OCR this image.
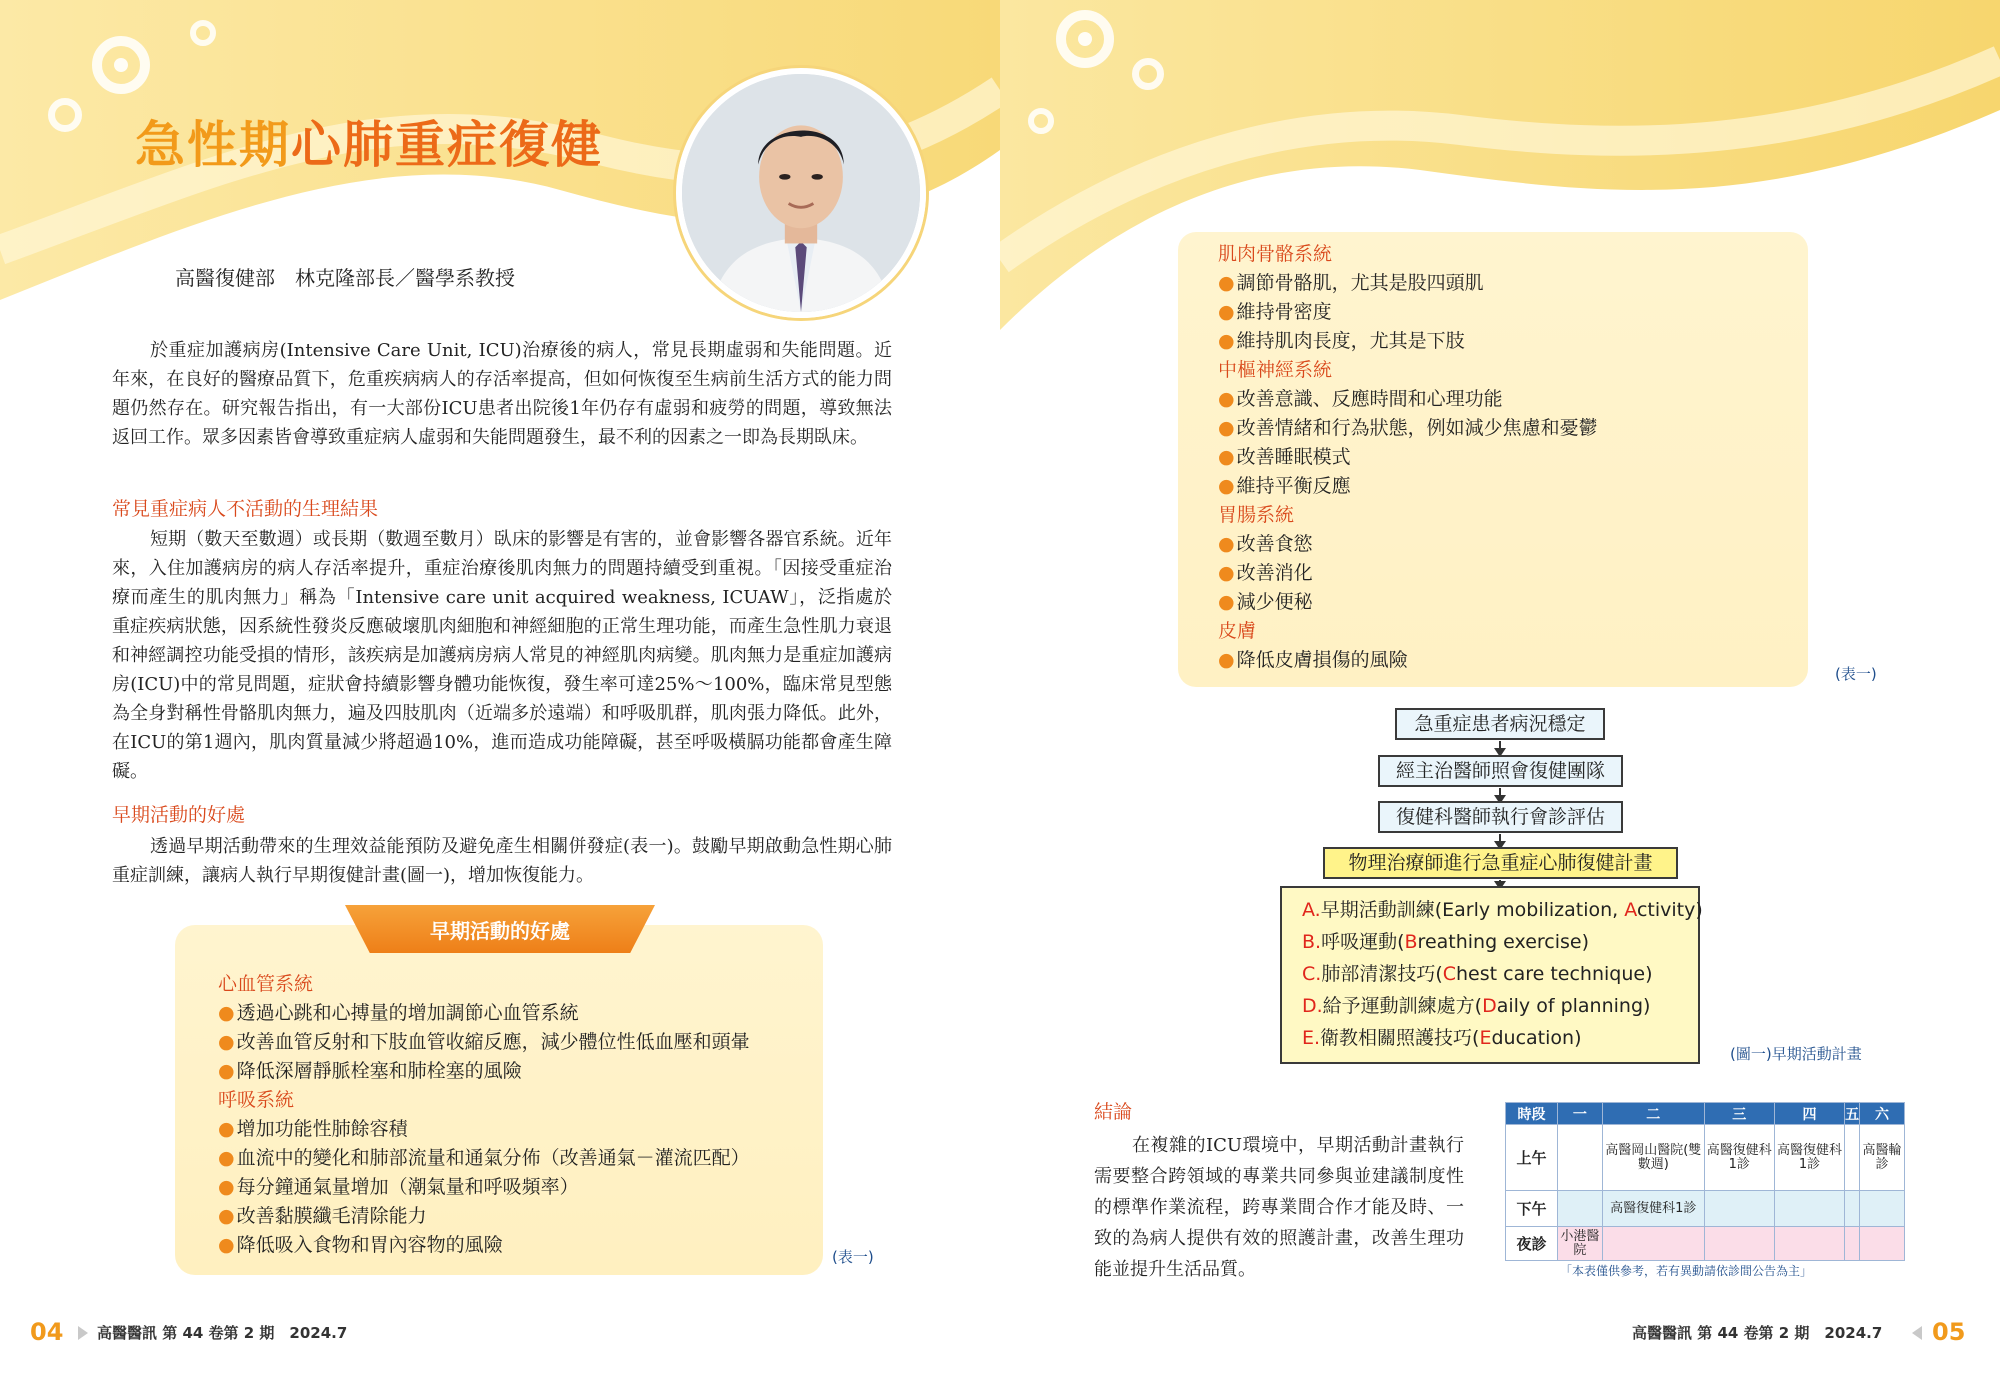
急性期心肺重症復健
高醫復健部　林克隆部長／醫學系教授

於重症加護病房(Intensive Care Unit, ICU)治療後的病人，常見長期虛弱和失能問題。近年來，在良好的醫療品質下，危重疾病病人的存活率提高，但如何恢復至生病前生活方式的能力問題仍然存在。研究報告指出，有一大部份ICU患者出院後1年仍存有虛弱和疲勞的問題，導致無法返回工作。眾多因素皆會導致重症病人虛弱和失能問題發生，最不利的因素之一即為長期臥床。

常見重症病人不活動的生理結果

短期（數天至數週）或長期（數週至數月）臥床的影響是有害的，並會影響各器官系統。近年來，入住加護病房的病人存活率提升，重症治療後肌肉無力的問題持續受到重視。「因接受重症治療而產生的肌肉無力」稱為「Intensive care unit acquired weakness, ICUAW」，泛指處於重症疾病狀態，因系統性發炎反應破壞肌肉細胞和神經細胞的正常生理功能，而產生急性肌力衰退和神經調控功能受損的情形，該疾病是加護病房病人常見的神經肌肉病變。肌肉無力是重症加護病房(ICU)中的常見問題，症狀會持續影響身體功能恢復，發生率可達25%～100%，臨床常見型態為全身對稱性骨骼肌肉無力，遍及四肢肌肉（近端多於遠端）和呼吸肌群，肌肉張力降低。此外，在ICU的第1週內，肌肉質量減少將超過10%，進而造成功能障礙，甚至呼吸橫膈功能都會產生障礙。

早期活動的好處

透過早期活動帶來的生理效益能預防及避免產生相關併發症(表一)。鼓勵早期啟動急性期心肺重症訓練，讓病人執行早期復健計畫(圖一)，增加恢復能力。

早期活動的好處
心血管系統
● 透過心跳和心搏量的增加調節心血管系統
● 改善血管反射和下肢血管收縮反應，減少體位性低血壓和頭暈
● 降低深層靜脈栓塞和肺栓塞的風險
呼吸系統
● 增加功能性肺餘容積
● 血流中的變化和肺部流量和通氣分佈（改善通氣－灌流匹配）
● 每分鐘通氣量增加（潮氣量和呼吸頻率）
● 改善黏膜纖毛清除能力
● 降低吸入食物和胃內容物的風險
(表一)
04 高醫醫訊 第 44 卷第 2 期　2024.7
肌肉骨骼系統
● 調節骨骼肌，尤其是股四頭肌
● 維持骨密度
● 維持肌肉長度，尤其是下肢
中樞神經系統
● 改善意識、反應時間和心理功能
● 改善情緒和行為狀態，例如減少焦慮和憂鬱
● 改善睡眠模式
● 維持平衡反應
胃腸系統
● 改善食慾
● 改善消化
● 減少便秘
皮膚
● 降低皮膚損傷的風險
(表一)
急重症患者病況穩定
經主治醫師照會復健團隊
復健科醫師執行會診評估
物理治療師進行急重症心肺復健計畫
A.早期活動訓練(Early mobilization, Activity)
B.呼吸運動(Breathing exercise)
C.肺部清潔技巧(Chest care technique)
D.給予運動訓練處方(Daily of planning)
E.衛教相關照護技巧(Education)
(圖一)早期活動計畫
結論

在複雜的ICU環境中，早期活動計畫執行需要整合跨領域的專業共同參與並建議制度性的標準作業流程，跨專業間合作才能及時、一致的為病人提供有效的照護計畫，改善生理功能並提升生活品質。

時段	一	二	三	四	五	六
上午		高醫岡山醫院(雙數週)	高醫復健科1診	高醫復健科1診		高醫輪診
下午		高醫復健科1診				
夜診	小港醫院					
「本表僅供參考，若有異動請依診間公告為主」
高醫醫訊 第 44 卷第 2 期　2024.7 05
